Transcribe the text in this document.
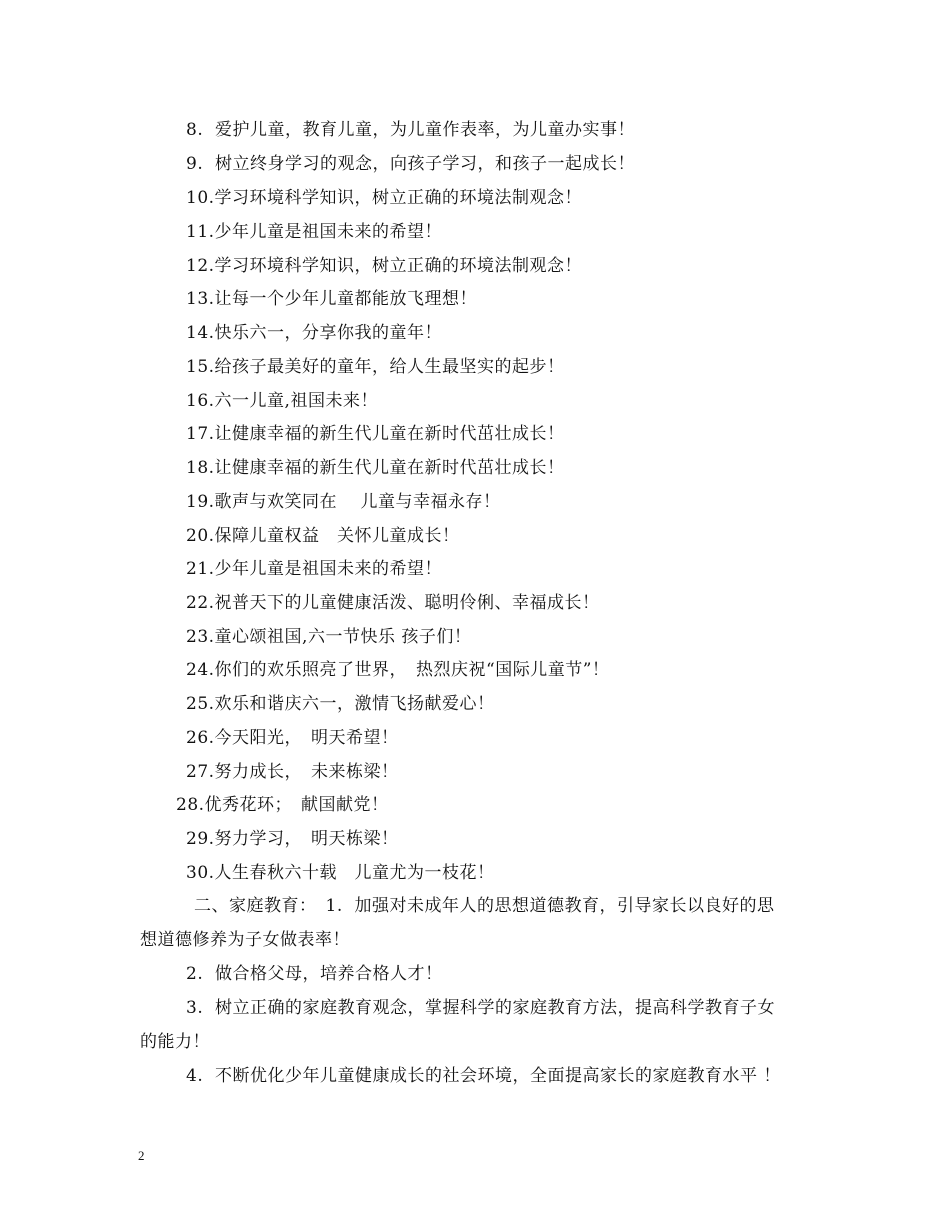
8.  爱护儿童，教育儿童，为儿童作表率，为儿童办实事！
9.  树立终身学习的观念，向孩子学习，和孩子一起成长！
10.学习环境科学知识，树立正确的环境法制观念！
11.少年儿童是祖国未来的希望！
12.学习环境科学知识，树立正确的环境法制观念！
13.让每一个少年儿童都能放飞理想！
14.快乐六一，分享你我的童年！
15.给孩子最美好的童年，给人生最坚实的起步！
16.六一儿童,祖国未来！
17.让健康幸福的新生代儿童在新时代茁壮成长！
18.让健康幸福的新生代儿童在新时代茁壮成长！
19.歌声与欢笑同在　 儿童与幸福永存！
20.保障儿童权益　关怀儿童成长！
21.少年儿童是祖国未来的希望！
22.祝普天下的儿童健康活泼、聪明伶俐、幸福成长！
23.童心颂祖国,六一节快乐 孩子们！
24.你们的欢乐照亮了世界，　热烈庆祝“国际儿童节”！
25.欢乐和谐庆六一，激情飞扬献爱心！
26.今天阳光，　明天希望！
27.努力成长，　未来栋梁！
28.优秀花环；　献国献党！
29.努力学习，　明天栋梁！
30.人生春秋六十载　儿童尤为一枝花！
二、家庭教育：　1.  加强对未成年人的思想道德教育，引导家长以良好的思
想道德修养为子女做表率！
2.  做合格父母，培养合格人才！
3.  树立正确的家庭教育观念，掌握科学的家庭教育方法，提高科学教育子女
的能力！
4.  不断优化少年儿童健康成长的社会环境，全面提高家长的家庭教育水平 ！
2
